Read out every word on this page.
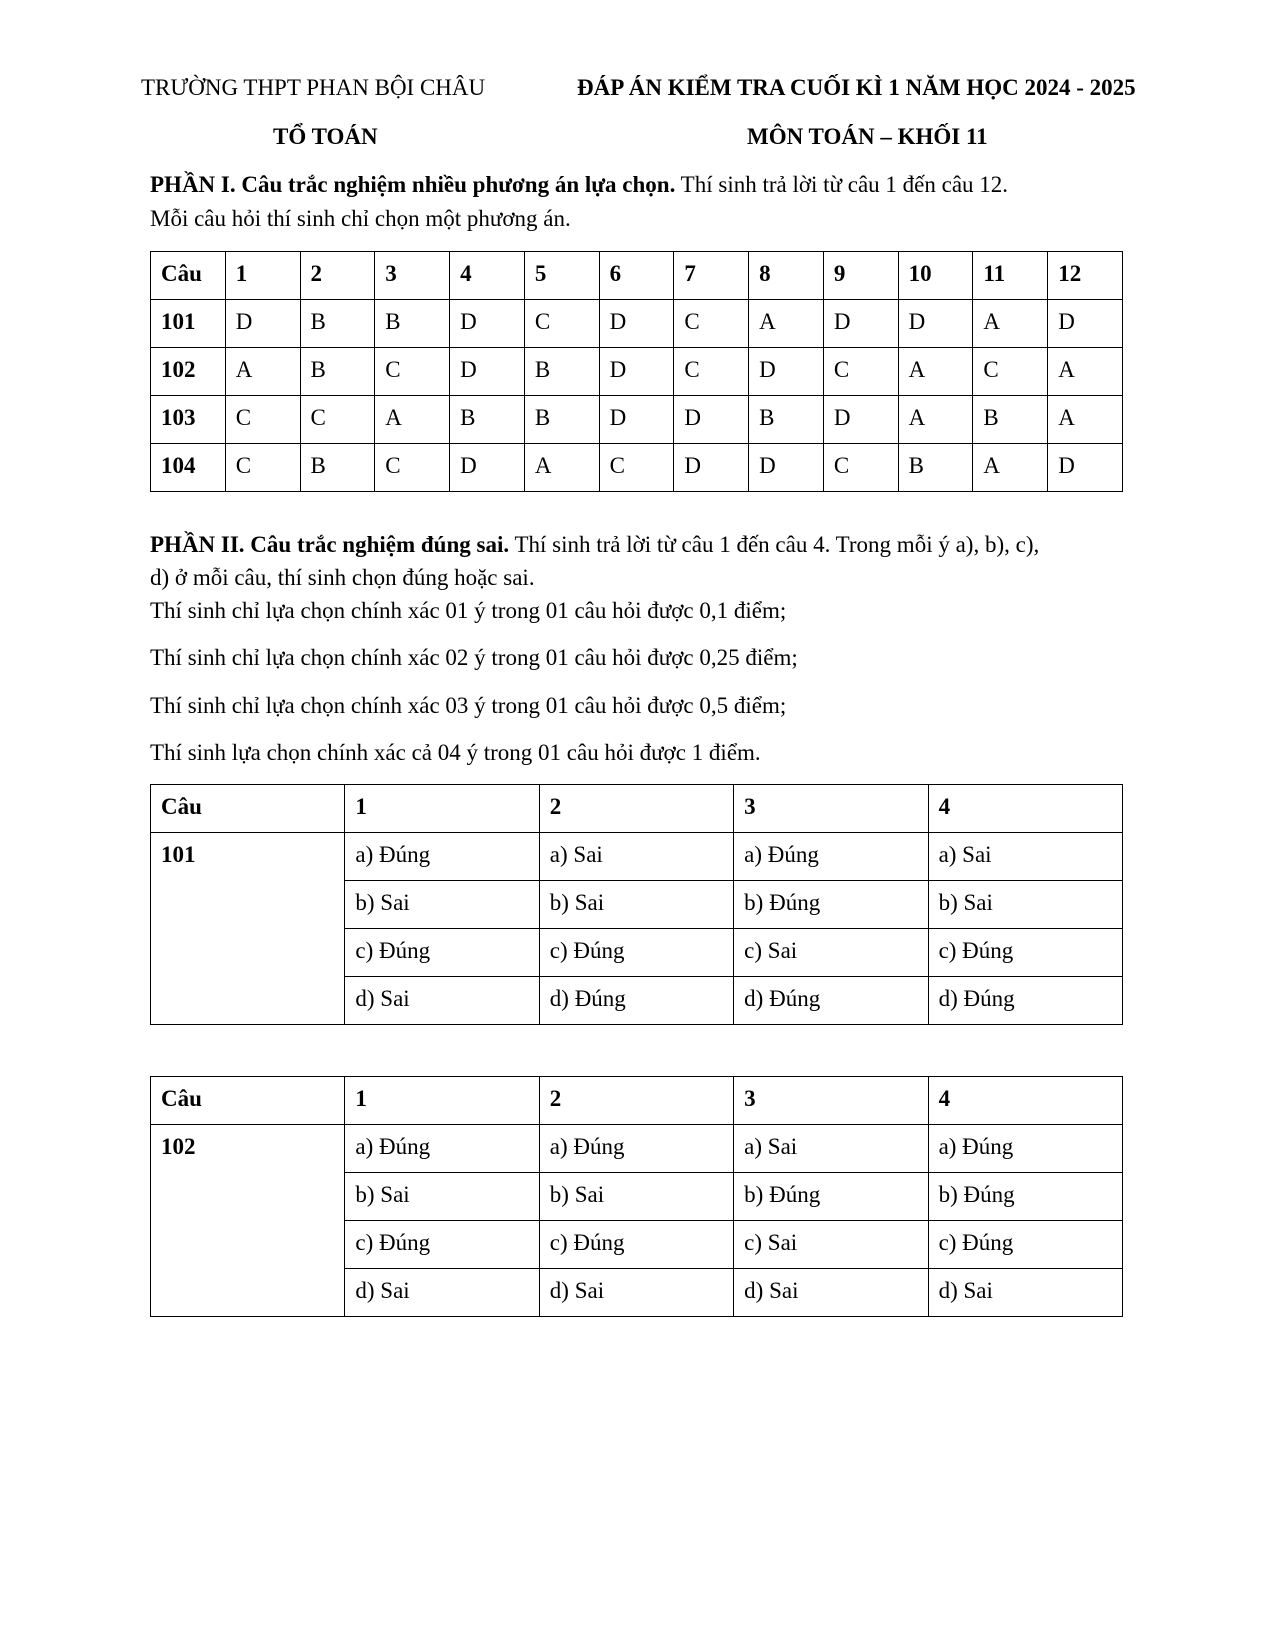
TRƯỜNG THPT PHAN BỘI CHÂU	ĐÁP ÁN KIỂM TRA CUỐI KÌ 1 NĂM HỌC 2024 - 2025
TỔ TOÁN	MÔN TOÁN – KHỐI 11
PHẦN I. Câu trắc nghiệm nhiều phương án lựa chọn. Thí sinh trả lời từ câu 1 đến câu 12.
Mỗi câu hỏi thí sinh chỉ chọn một phương án.
Câu	1	2	3	4	5	6	7	8	9	10	11	12
101	D	B	B	D	C	D	C	A	D	D	A	D
102	A	B	C	D	B	D	C	D	C	A	C	A
103	C	C	A	B	B	D	D	B	D	A	B	A
104	C	B	C	D	A	C	D	D	C	B	A	D
PHẦN II. Câu trắc nghiệm đúng sai. Thí sinh trả lời từ câu 1 đến câu 4. Trong mỗi ý a), b), c),
d) ở mỗi câu, thí sinh chọn đúng hoặc sai.
Thí sinh chỉ lựa chọn chính xác 01 ý trong 01 câu hỏi được 0,1 điểm;
Thí sinh chỉ lựa chọn chính xác 02 ý trong 01 câu hỏi được 0,25 điểm;
Thí sinh chỉ lựa chọn chính xác 03 ý trong 01 câu hỏi được 0,5 điểm;
Thí sinh lựa chọn chính xác cả 04 ý trong 01 câu hỏi được 1 điểm.
Câu	1	2	3	4
101	a) Đúng	a) Sai	a) Đúng	a) Sai
	b) Sai	b) Sai	b) Đúng	b) Sai
	c) Đúng	c) Đúng	c) Sai	c) Đúng
	d) Sai	d) Đúng	d) Đúng	d) Đúng
Câu	1	2	3	4
102	a) Đúng	a) Đúng	a) Sai	a) Đúng
	b) Sai	b) Sai	b) Đúng	b) Đúng
	c) Đúng	c) Đúng	c) Sai	c) Đúng
	d) Sai	d) Sai	d) Sai	d) Sai
